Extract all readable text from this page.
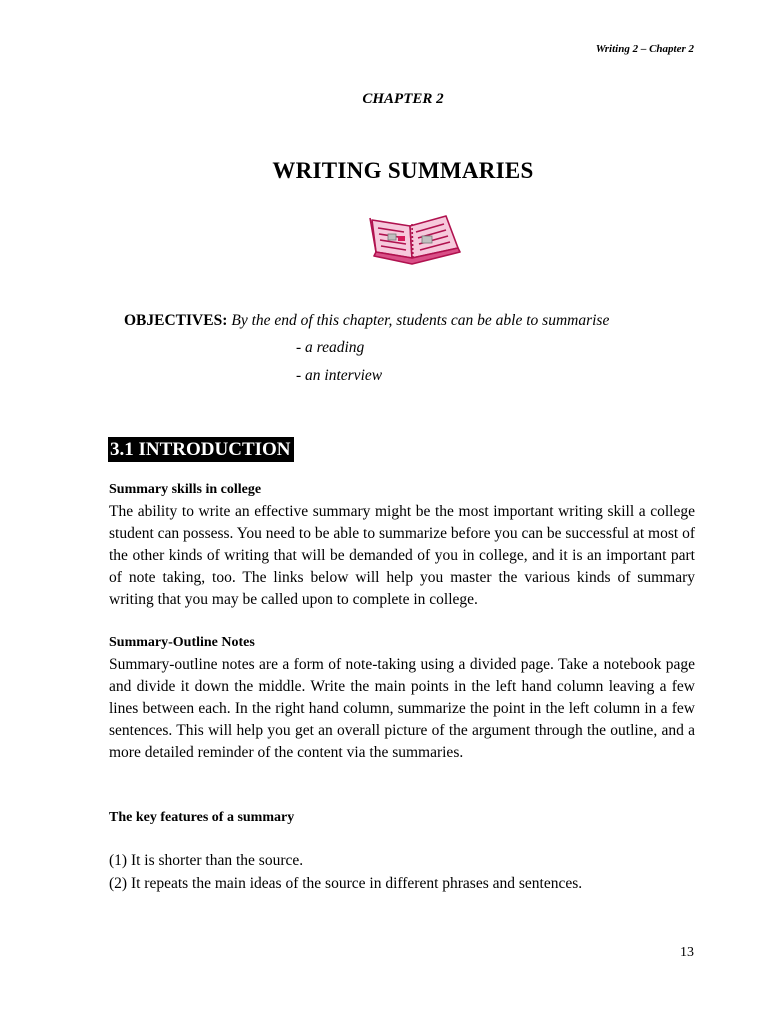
Writing 2 – Chapter 2
CHAPTER 2
WRITING SUMMARIES
OBJECTIVES: By the end of this chapter, students can be able to summarise
- a reading
- an interview
3.1 INTRODUCTION
Summary skills in college
The ability to write an effective summary might be the most important writing skill a college student can possess. You need to be able to summarize before you can be successful at most of the other kinds of writing that will be demanded of you in college, and it is an important part of note taking, too. The links below will help you master the various kinds of summary writing that you may be called upon to complete in college.
Summary-Outline Notes
Summary-outline notes are a form of note-taking using a divided page. Take a notebook page and divide it down the middle. Write the main points in the left hand column leaving a few lines between each. In the right hand column, summarize the point in the left column in a few sentences. This will help you get an overall picture of the argument through the outline, and a more detailed reminder of the content via the summaries.
The key features of a summary
(1) It is shorter than the source.
(2) It repeats the main ideas of the source in different phrases and sentences.
13
